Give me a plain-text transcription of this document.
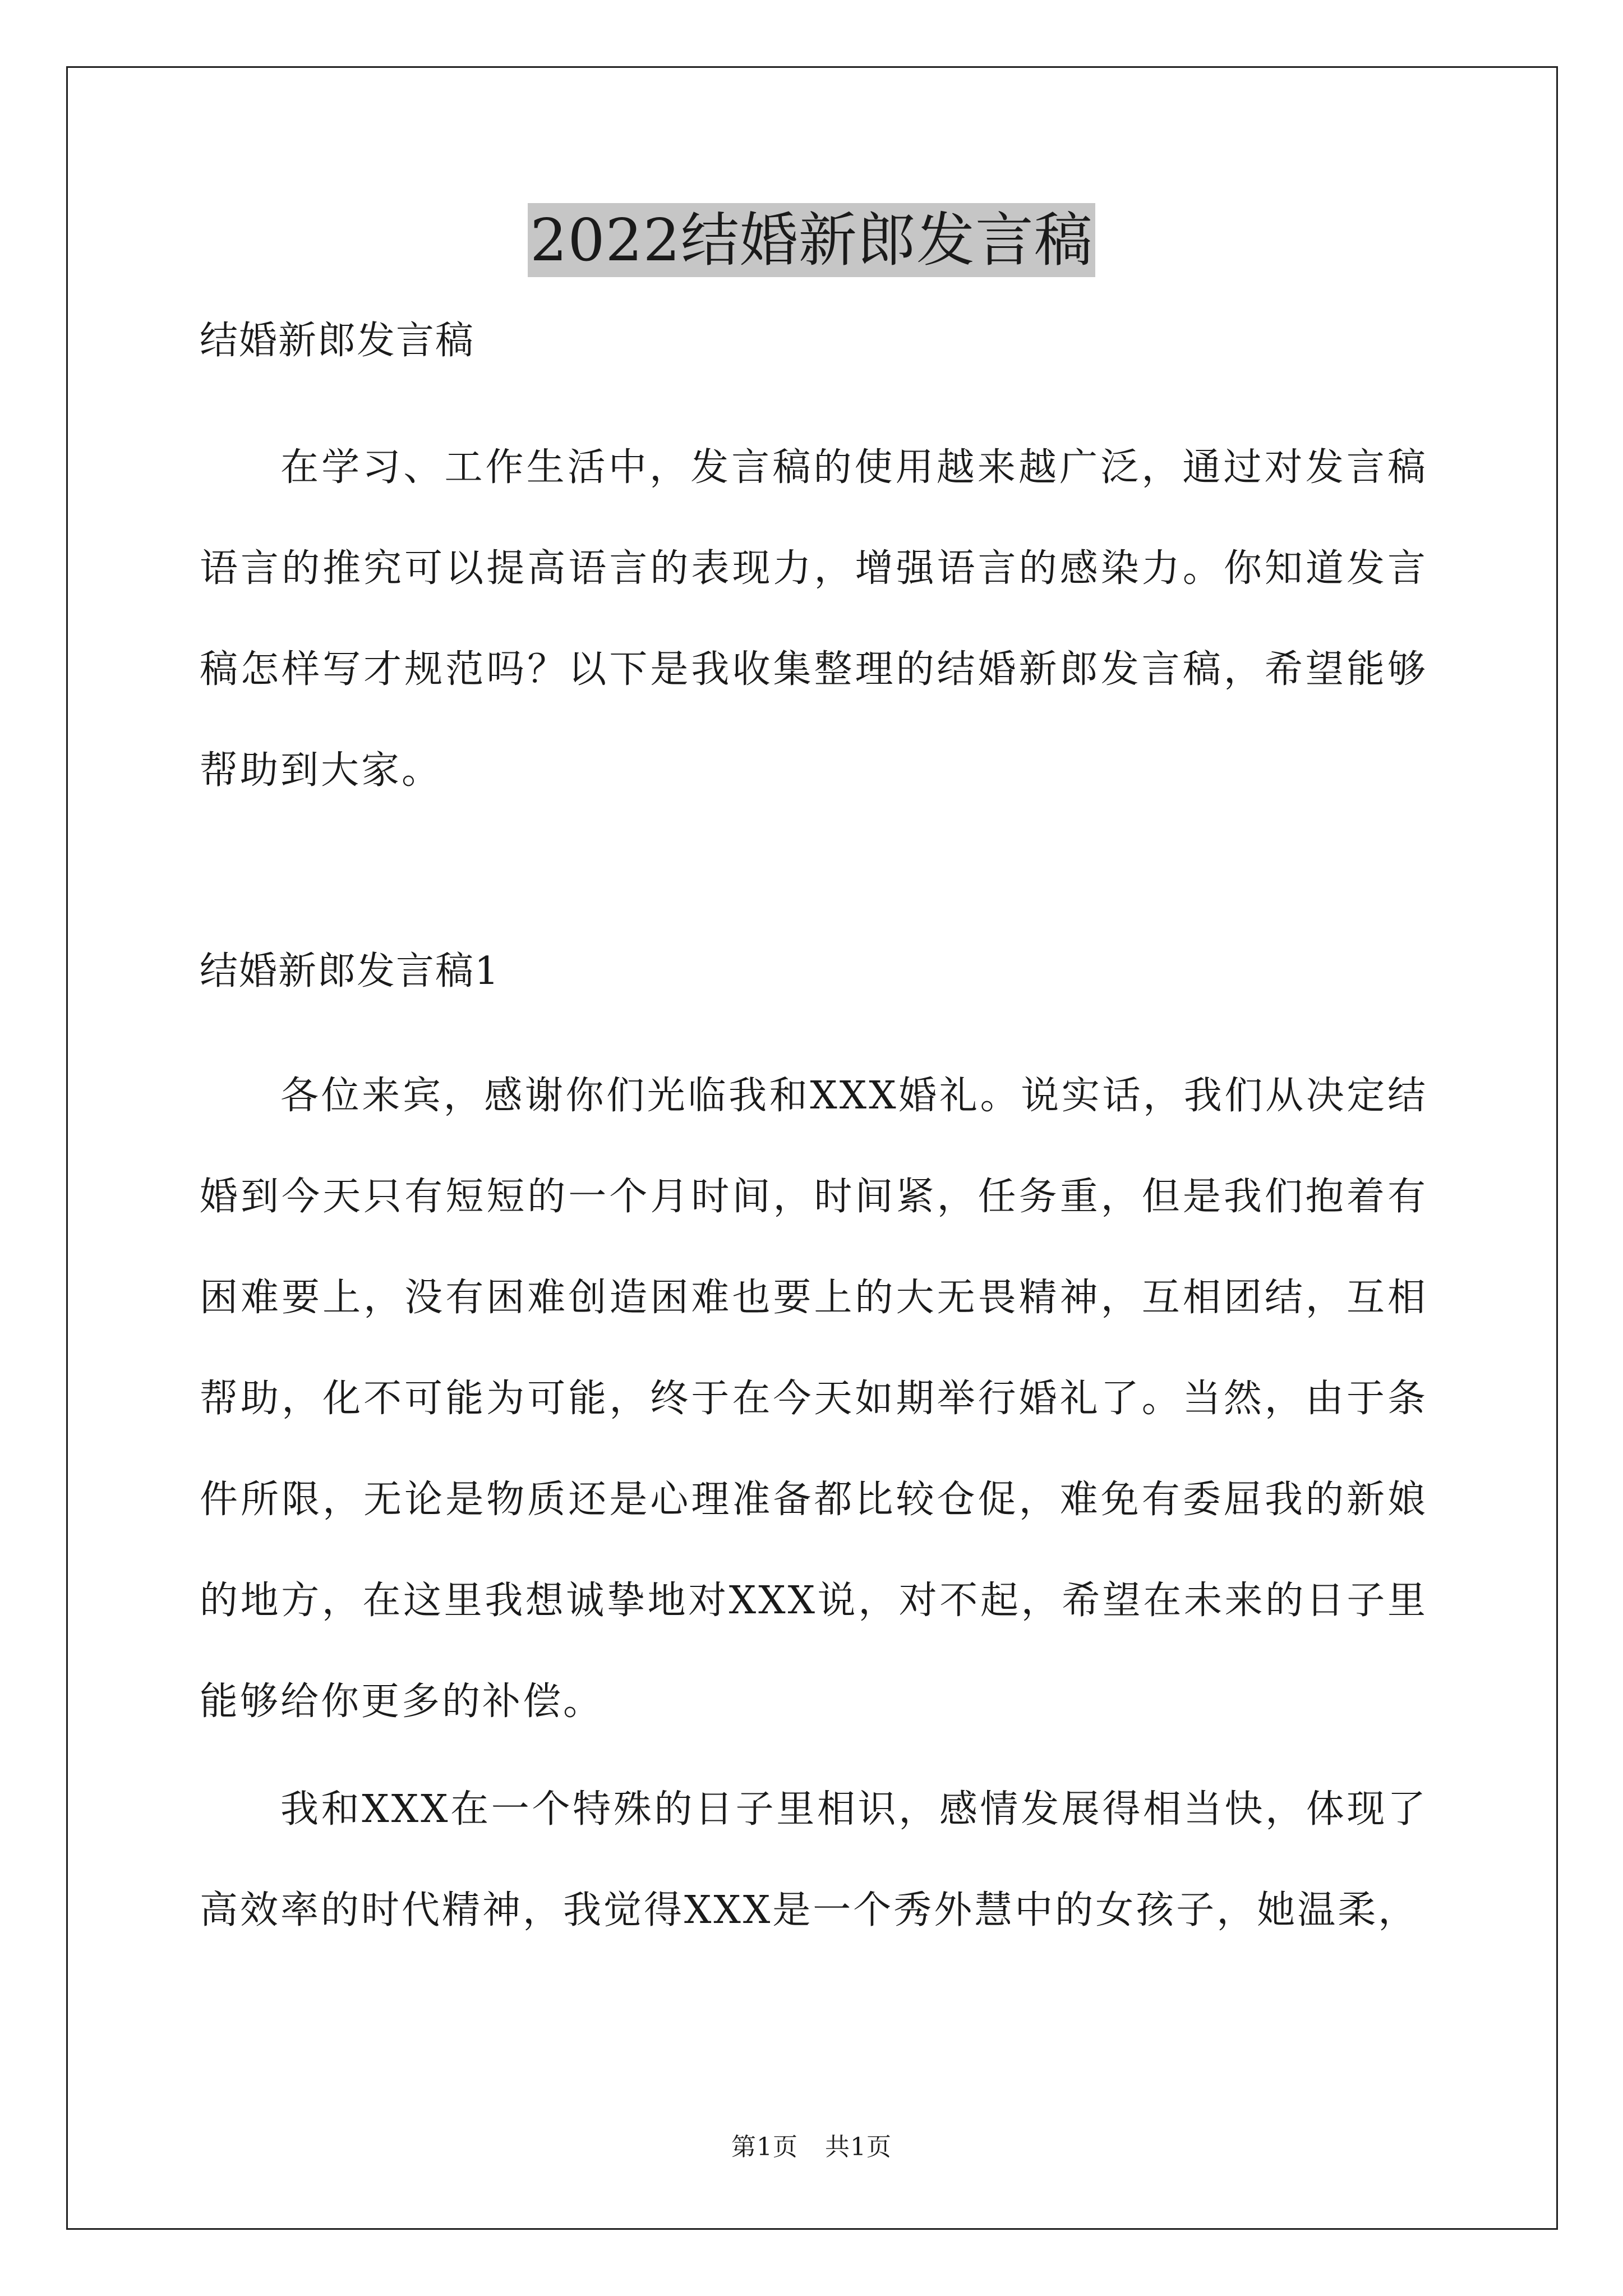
2022结婚新郎发言稿

结婚新郎发言稿

在学习、工作生活中，发言稿的使用越来越广泛，通过对发言稿语言的推究可以提高语言的表现力，增强语言的感染力。你知道发言稿怎样写才规范吗？以下是我收集整理的结婚新郎发言稿，希望能够帮助到大家。

结婚新郎发言稿1

各位来宾，感谢你们光临我和XXX婚礼。说实话，我们从决定结婚到今天只有短短的一个月时间，时间紧，任务重，但是我们抱着有困难要上，没有困难创造困难也要上的大无畏精神，互相团结，互相帮助，化不可能为可能，终于在今天如期举行婚礼了。当然，由于条件所限，无论是物质还是心理准备都比较仓促，难免有委屈我的新娘的地方，在这里我想诚挚地对XXX说，对不起，希望在未来的日子里能够给你更多的补偿。

我和XXX在一个特殊的日子里相识，感情发展得相当快，体现了高效率的时代精神，我觉得XXX是一个秀外慧中的女孩子，她温柔，

第1页 共1页
